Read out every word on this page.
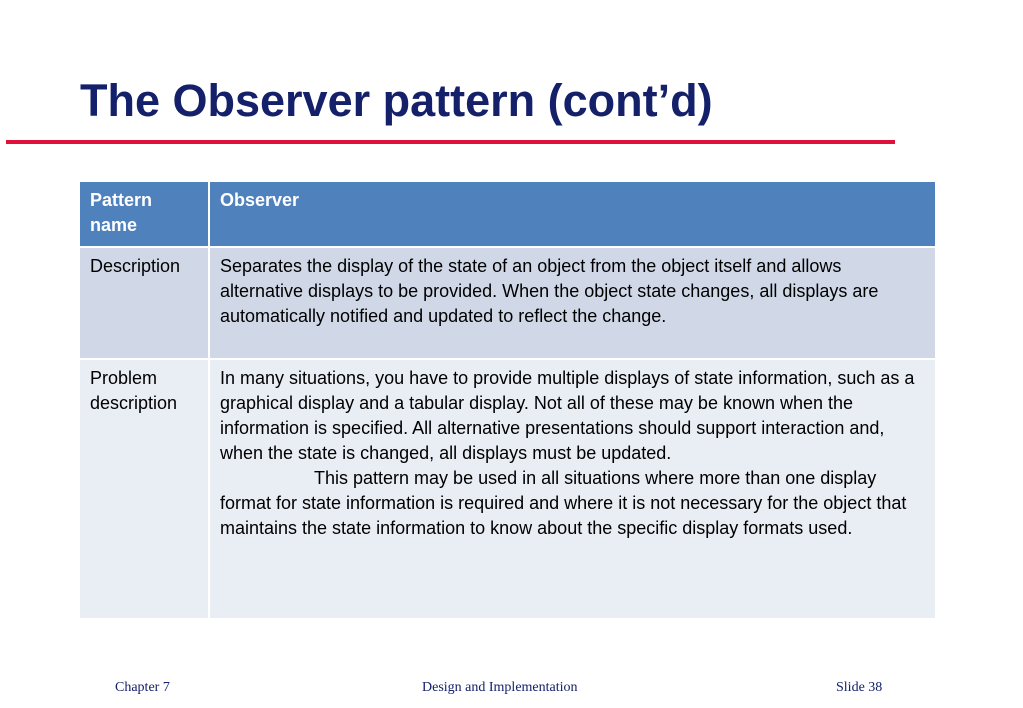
The Observer pattern (cont’d)
Pattern name	Observer
Description	Separates the display of the state of an object from the object itself and allows alternative displays to be provided. When the object state changes, all displays are automatically notified and updated to reflect the change.
Problem description	In many situations, you have to provide multiple displays of state information, such as a graphical display and a tabular display. Not all of these may be known when the information is specified. All alternative presentations should support interaction and, when the state is changed, all displays must be updated.
This pattern may be used in all situations where more than one display format for state information is required and where it is not necessary for the object that maintains the state information to know about the specific display formats used.
Chapter 7	Design and Implementation	Slide 38
